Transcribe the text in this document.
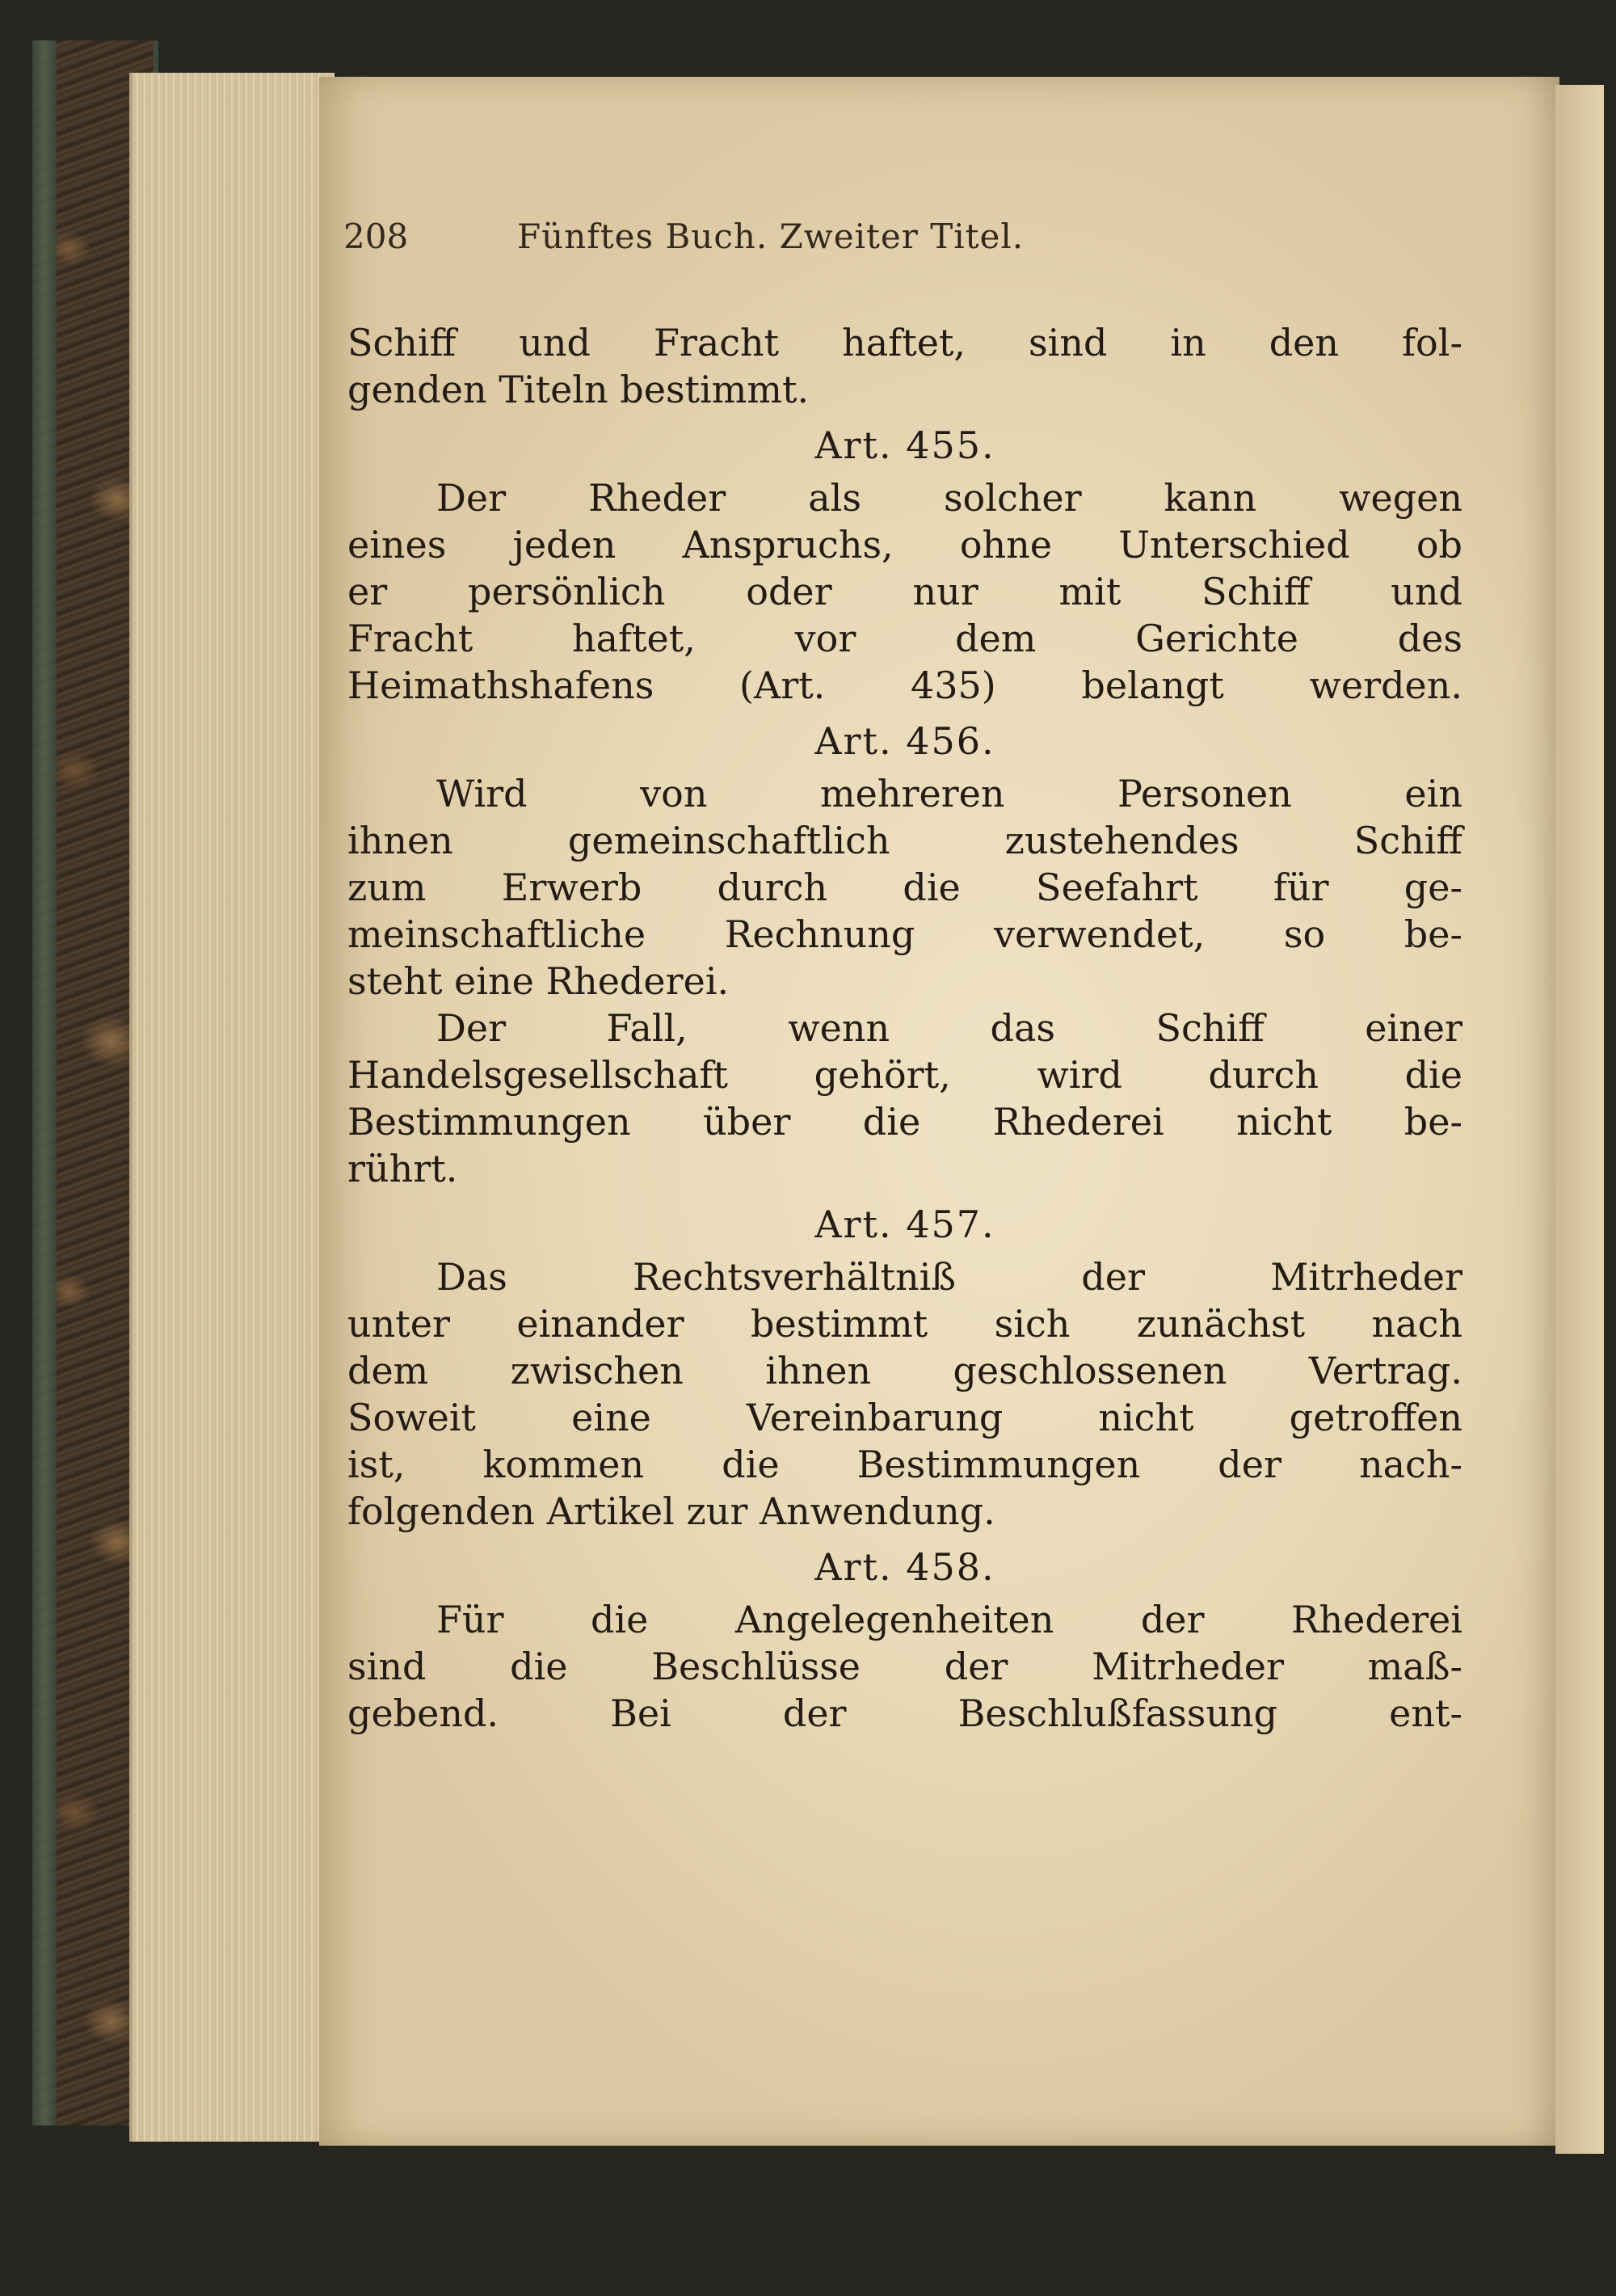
208	Fünftes Buch. Zweiter Titel.
Schiff und Fracht haftet, sind in den fol-
genden Titeln bestimmt.
Art. 455.
Der Rheder als solcher kann wegen
eines jeden Anspruchs, ohne Unterschied ob
er persönlich oder nur mit Schiff und
Fracht haftet, vor dem Gerichte des
Heimathshafens (Art. 435) belangt werden.
Art. 456.
Wird von mehreren Personen ein
ihnen gemeinschaftlich zustehendes Schiff
zum Erwerb durch die Seefahrt für ge-
meinschaftliche Rechnung verwendet, so be-
steht eine Rhederei.
Der Fall, wenn das Schiff einer
Handelsgesellschaft gehört, wird durch die
Bestimmungen über die Rhederei nicht be-
rührt.
Art. 457.
Das Rechtsverhältniß der Mitrheder
unter einander bestimmt sich zunächst nach
dem zwischen ihnen geschlossenen Vertrag.
Soweit eine Vereinbarung nicht getroffen
ist, kommen die Bestimmungen der nach-
folgenden Artikel zur Anwendung.
Art. 458.
Für die Angelegenheiten der Rhederei
sind die Beschlüsse der Mitrheder maß-
gebend. Bei der Beschlußfassung ent-
